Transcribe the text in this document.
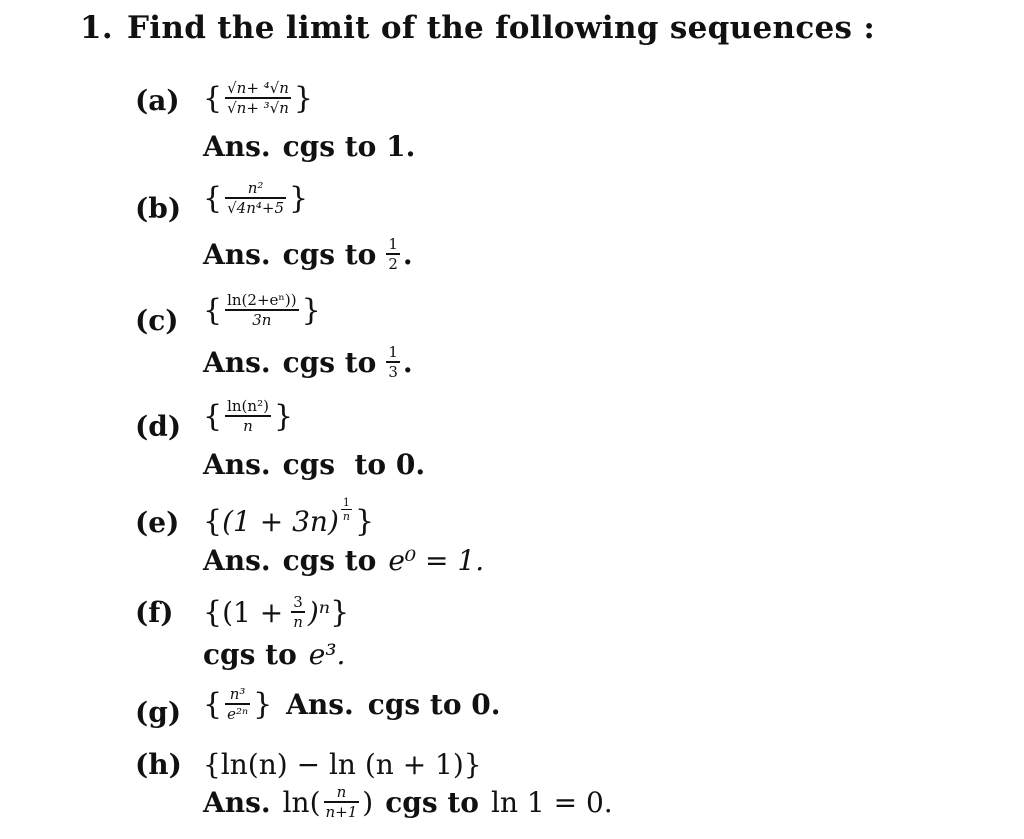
1. Find the limit of the following sequences :
(a) { $\frac{\text{√n+ ⁴√n}}{\text{√n+ ³√n}}$ }
Ans. cgs to 1.
(b) { $\frac{\text{n²}}{\text{√4n⁴+5}}$ }
Ans. cgs to $\frac{1}{2}$ .
(c) { $\frac{\text{ln(2+eⁿ))}}{3n}$ }
Ans. cgs to $\frac{1}{3}$ .
(d) { $\frac{\text{ln(n²)}}{n}$ }
Ans. cgs  to 0.
(e) { $(1 + 3n) \frac{1}{n}$ }
Ans. cgs to e⁰ = 1.
(f) { $(1 + \frac{3}{n} )^n$ }
cgs to e³.
(g) { $\frac{\text{n³}}{\text{e²ⁿ}}$ } Ans. cgs to 0.
(h) {ln(n) − ln (n + 1)}
Ans. $\ln( \frac{n}{n+1}$ ) cgs to ln 1 = 0.
